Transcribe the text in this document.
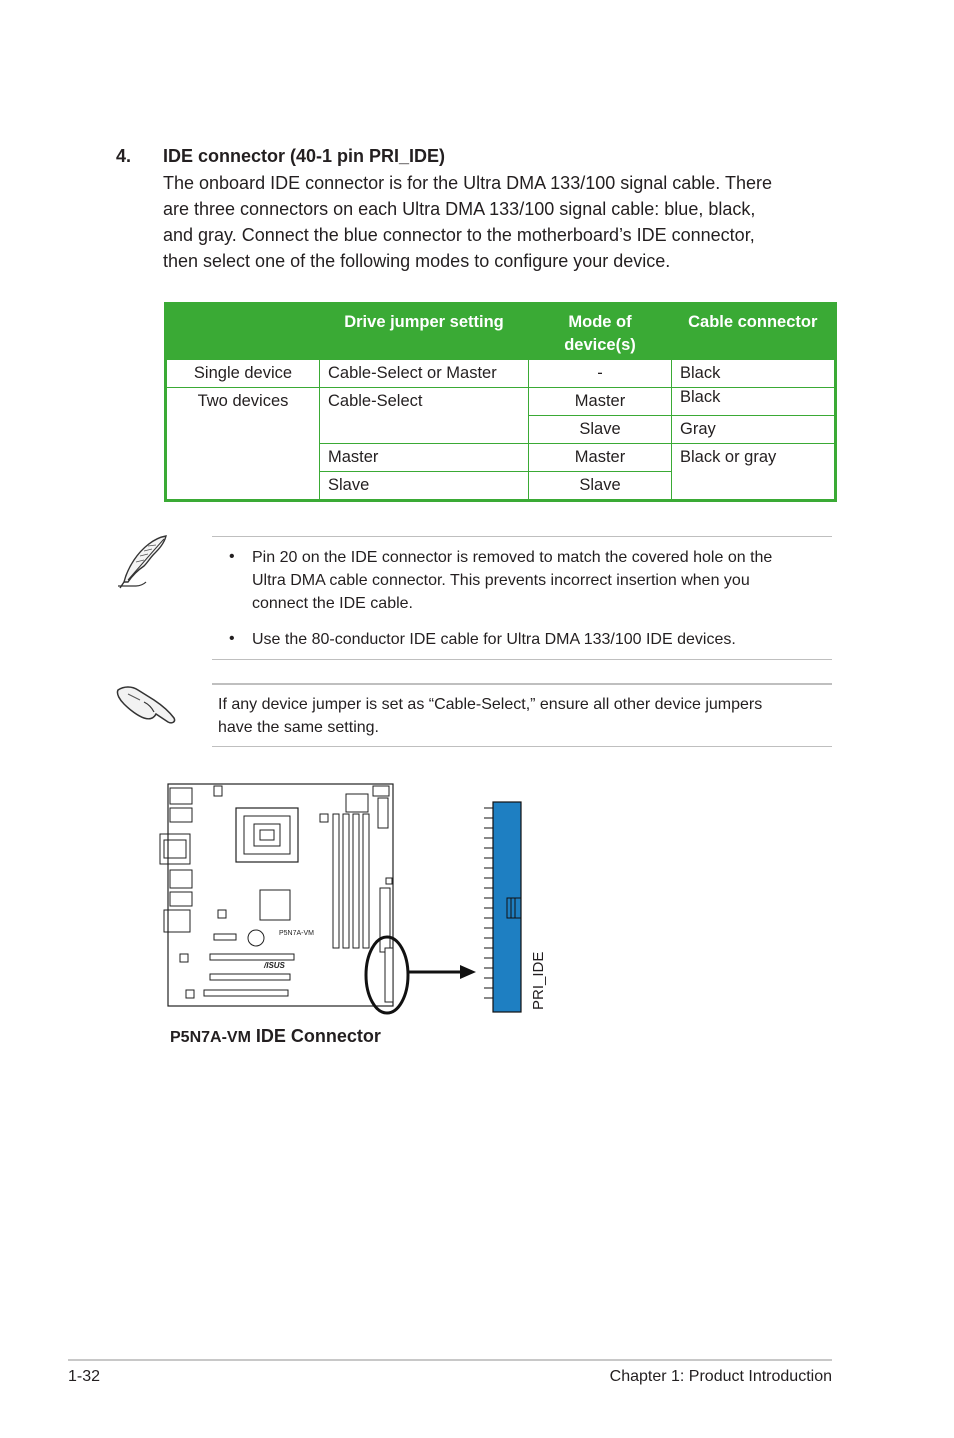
4. IDE connector (40-1 pin PRI_IDE)
The onboard IDE connector is for the Ultra DMA 133/100 signal cable. There
are three connectors on each Ultra DMA 133/100 signal cable: blue, black,
and gray. Connect the blue connector to the motherboard’s IDE connector,
then select one of the following modes to configure your device.
	Drive jumper setting	Mode of device(s)	Cable connector
Single device	Cable-Select or Master	-	Black
Two devices	Cable-Select	Master	Black
		Slave	Gray
	Master	Master	Black or gray
	Slave	Slave	
• Pin 20 on the IDE connector is removed to match the covered hole on the
Ultra DMA cable connector. This prevents incorrect insertion when you
connect the IDE cable.
• Use the 80-conductor IDE cable for Ultra DMA 133/100 IDE devices.
If any device jumper is set as “Cable-Select,” ensure all other device jumpers
have the same setting.
P5N7A-VM
/ISUS	PRI_IDE
P5N7A-VM IDE Connector
1-32	Chapter 1: Product Introduction
